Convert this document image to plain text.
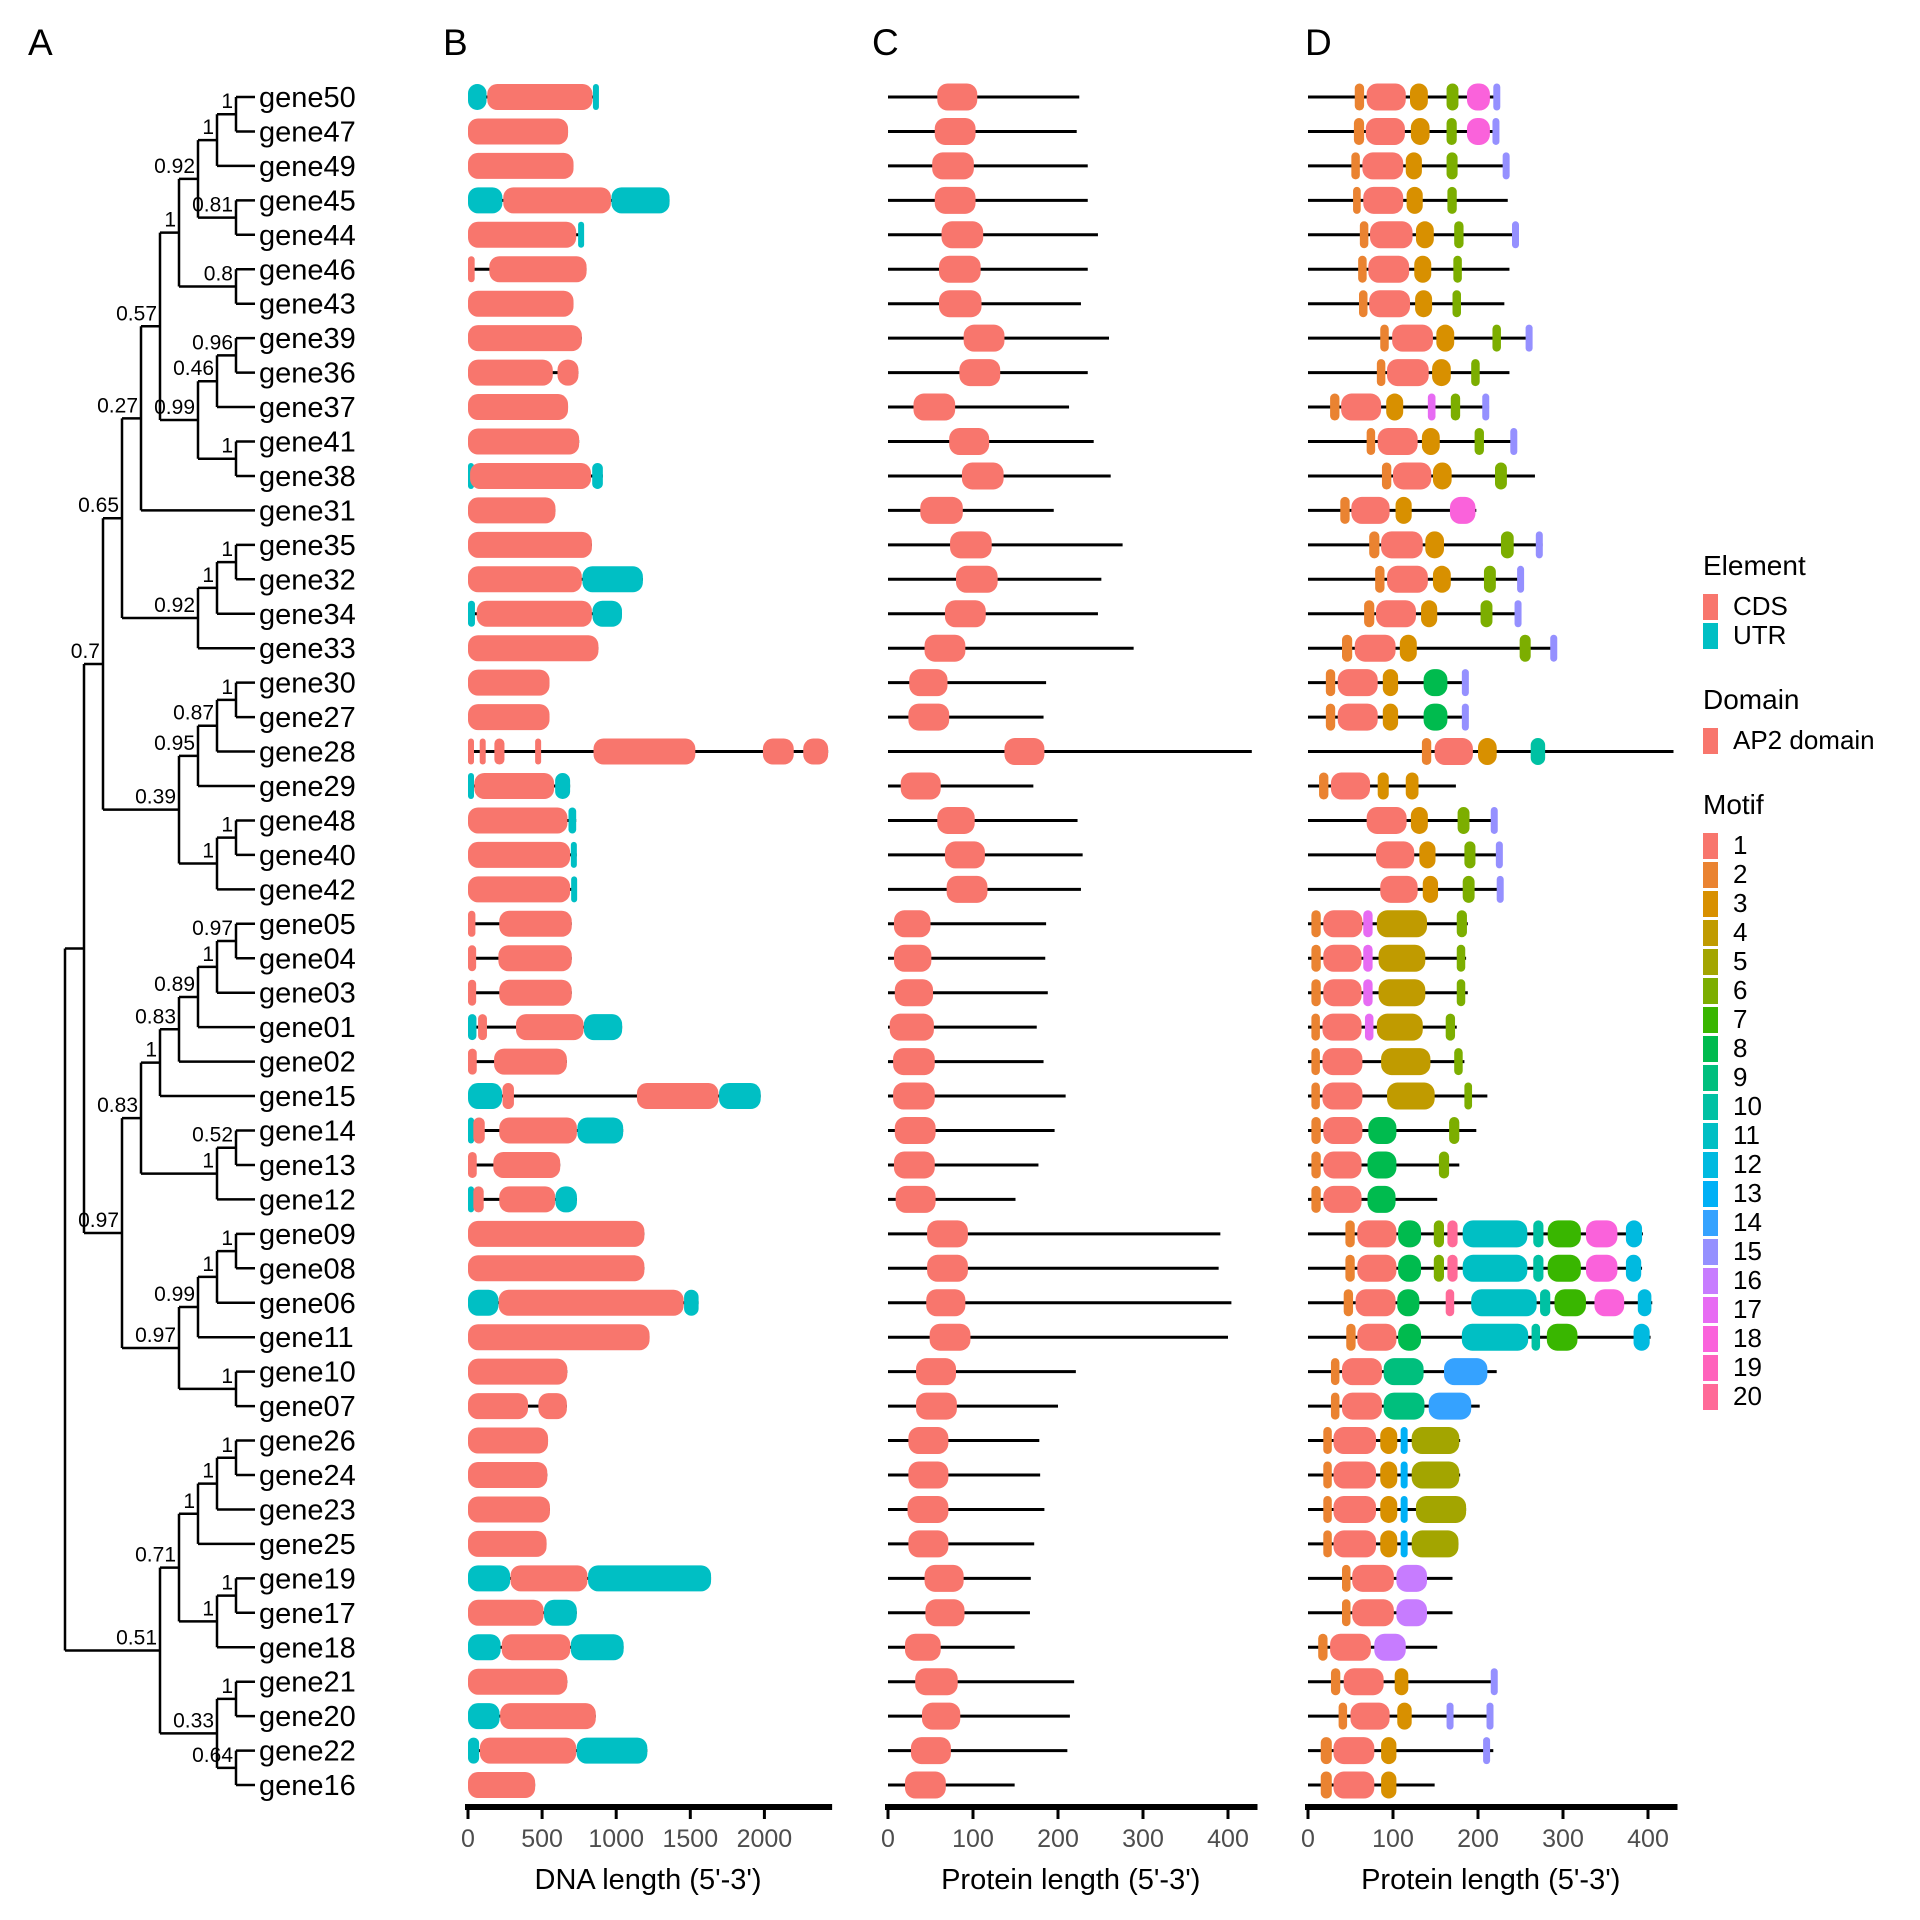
A	B	C	D
1
1
0.81
0.92
0.8
1
0.96
0.46
1
0.99
0.57
0.27
1
1
0.92
0.65
1
0.87
0.95
1
1
0.39
0.7
0.97
1
0.89
0.83
1
0.52
1
0.83
1
1
0.99
1
0.97
0.97
1
1
1
1
1
0.71
1
0.64
0.33
0.51
gene50
gene47
gene49
gene45
gene44
gene46
gene43
gene39
gene36
gene37
gene41
gene38
gene31
gene35
gene32
gene34
gene33
gene30
gene27
gene28
gene29
gene48
gene40
gene42
gene05
gene04
gene03
gene01
gene02
gene15
gene14
gene13
gene12
gene09
gene08
gene06
gene11
gene10
gene07
gene26
gene24
gene23
gene25
gene19
gene17
gene18
gene21
gene20
gene22
gene16
0 500 1000 1500 2000
DNA length (5'-3')
0 100 200 300 400
Protein length (5'-3')
0 100 200 300 400
Protein length (5'-3')
Element
CDS
UTR
Domain
AP2 domain
Motif
1
2
3
4
5
6
7
8
9
10
11
12
13
14
15
16
17
18
19
20
